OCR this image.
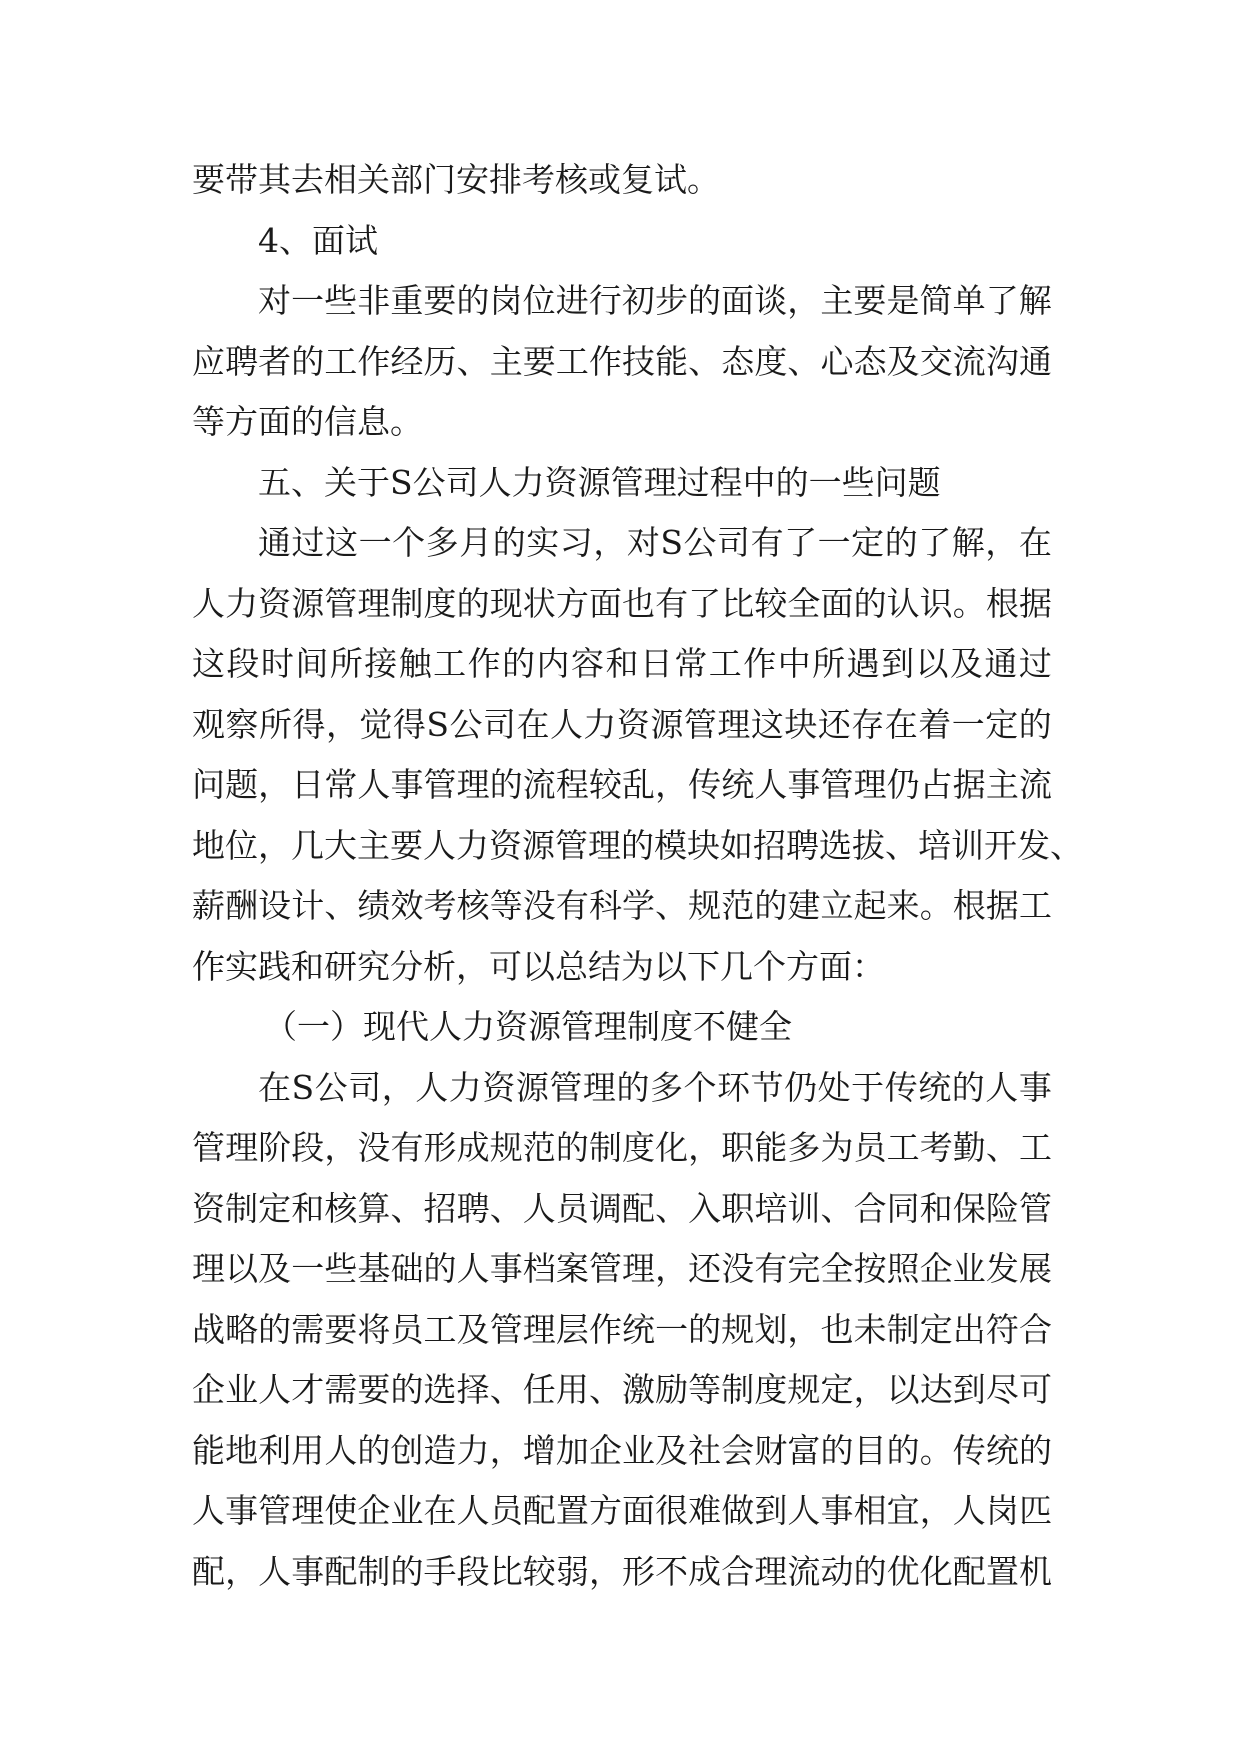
要带其去相关部门安排考核或复试。
4、面试
对 一 些 非 重 要 的 岗 位 进 行 初 步 的 面 谈 ， 主 要 是 简 单 了 解
应 聘 者 的 工 作 经 历 、 主 要 工 作 技 能 、 态 度 、 心 态 及 交 流 沟 通
等方面的信息。
五、关于S公司人力资源管理过程中的一些问题
通 过 这 一 个 多 月 的 实 习 ， 对 S 公 司 有 了 一 定 的 了 解 ， 在
人 力 资 源 管 理 制 度 的 现 状 方 面 也 有 了 比 较 全 面 的 认 识 。 根 据
这 段 时 间 所 接 触 工 作 的 内 容 和 日 常 工 作 中 所 遇 到 以 及 通 过
观 察 所 得 ， 觉 得 S 公 司 在 人 力 资 源 管 理 这 块 还 存 在 着 一 定 的
问 题 ， 日 常 人 事 管 理 的 流 程 较 乱 ， 传 统 人 事 管 理 仍 占 据 主 流
地 位 ， 几 大 主 要 人 力 资 源 管 理 的 模 块 如 招 聘 选 拔 、 培 训 开 发 、
薪 酬 设 计 、 绩 效 考 核 等 没 有 科 学 、 规 范 的 建 立 起 来 。 根 据 工
作实践和研究分析，可以总结为以下几个方面：
（一）现代人力资源管理制度不健全
在 S 公 司 ， 人 力 资 源 管 理 的 多 个 环 节 仍 处 于 传 统 的 人 事
管 理 阶 段 ， 没 有 形 成 规 范 的 制 度 化 ， 职 能 多 为 员 工 考 勤 、 工
资 制 定 和 核 算 、 招 聘 、 人 员 调 配 、 入 职 培 训 、 合 同 和 保 险 管
理 以 及 一 些 基 础 的 人 事 档 案 管 理 ， 还 没 有 完 全 按 照 企 业 发 展
战 略 的 需 要 将 员 工 及 管 理 层 作 统 一 的 规 划 ， 也 未 制 定 出 符 合
企 业 人 才 需 要 的 选 择 、 任 用 、 激 励 等 制 度 规 定 ， 以 达 到 尽 可
能 地 利 用 人 的 创 造 力 ， 增 加 企 业 及 社 会 财 富 的 目 的 。 传 统 的
人 事 管 理 使 企 业 在 人 员 配 置 方 面 很 难 做 到 人 事 相 宜 ， 人 岗 匹
配 ， 人 事 配 制 的 手 段 比 较 弱 ， 形 不 成 合 理 流 动 的 优 化 配 置 机
